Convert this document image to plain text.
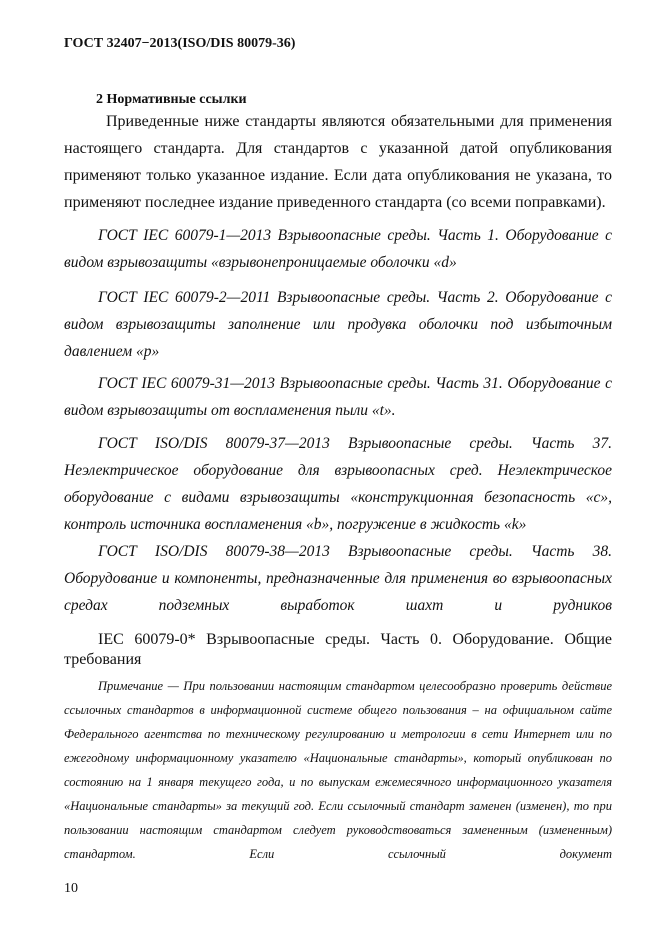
ГОСТ 32407−2013(ISO/DIS 80079-36)
2 Нормативные ссылки

Приведенные ниже стандарты являются обязательными для применения настоящего стандарта. Для стандартов с указанной датой опубликования применяют только указанное издание. Если дата опубликования не указана, то применяют последнее издание приведенного стандарта (со всеми поправками).

ГОСТ IEC 60079-1—2013 Взрывоопасные среды. Часть 1. Оборудование с видом взрывозащиты «взрывонепроницаемые оболочки «d»

ГОСТ IEC 60079-2—2011 Взрывоопасные среды. Часть 2. Оборудование с видом взрывозащиты заполнение или продувка оболочки под избыточным давлением «р»

ГОСТ IEC 60079-31—2013 Взрывоопасные среды. Часть 31. Оборудование с видом взрывозащиты от воспламенения пыли «t».

ГОСТ ISO/DIS 80079-37—2013 Взрывоопасные среды. Часть 37. Неэлектрическое оборудование для взрывоопасных сред. Неэлектрическое оборудование с видами взрывозащиты «конструкционная безопасность «с», контроль источника воспламенения «b», погружение в жидкость «k»

ГОСТ ISO/DIS 80079-38—2013 Взрывоопасные среды. Часть 38. Оборудование и компоненты, предназначенные для применения во взрывоопасных средах подземных выработок шахт и рудников

IEC 60079-0* Взрывоопасные среды. Часть 0. Оборудование. Общие требования

Примечание — При пользовании настоящим стандартом целесообразно проверить действие ссылочных стандартов в информационной системе общего пользования – на официальном сайте Федерального агентства по техническому регулированию и метрологии в сети Интернет или по ежегодному информационному указателю «Национальные стандарты», который опубликован по состоянию на 1 января текущего года, и по выпускам ежемесячного информационного указателя «Национальные стандарты» за текущий год. Если ссылочный стандарт заменен (изменен), то при пользовании настоящим стандартом следует руководствоваться замененным (измененным) стандартом. Если ссылочный документ

10
